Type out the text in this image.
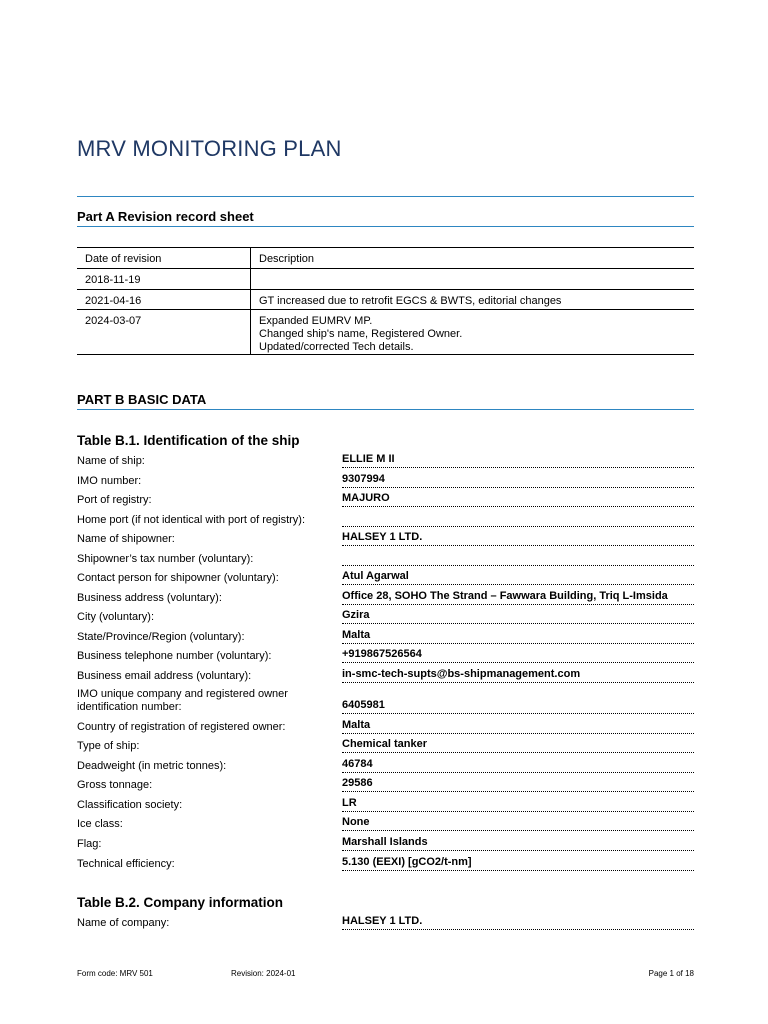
MRV MONITORING PLAN
Part A Revision record sheet
Date of revision	Description
2018-11-19	

2021-04-16	GT increased due to retrofit EGCS & BWTS, editorial changes

2024-03-07	Expanded EUMRV MP.
Changed ship's name, Registered Owner.
Updated/corrected Tech details.
PART B BASIC DATA
Table B.1. Identification of the ship
Name of ship:	ELLIE M II
IMO number:	9307994
Port of registry:	MAJURO
Home port (if not identical with port of registry):

Name of shipowner:	HALSEY 1 LTD.
Shipowner’s tax number (voluntary):

Contact person for shipowner (voluntary):	Atul Agarwal
Business address (voluntary):	Office 28, SOHO The Strand – Fawwara Building, Triq L-Imsida
City (voluntary):	Gzira
State/Province/Region (voluntary):	Malta
Business telephone number (voluntary):	+919867526564
Business email address (voluntary):	in-smc-tech-supts@bs-shipmanagement.com
IMO unique company and registered owner
identification number:	6405981
Country of registration of registered owner:	Malta
Type of ship:	Chemical tanker
Deadweight (in metric tonnes):	46784
Gross tonnage:	29586
Classification society:	LR
Ice class:	None
Flag:	Marshall Islands
Technical efficiency:	5.130 (EEXI) [gCO2/t-nm]
Table B.2. Company information
Name of company:	HALSEY 1 LTD.
Form code: MRV 501	Revision: 2024-01	Page 1 of 18
